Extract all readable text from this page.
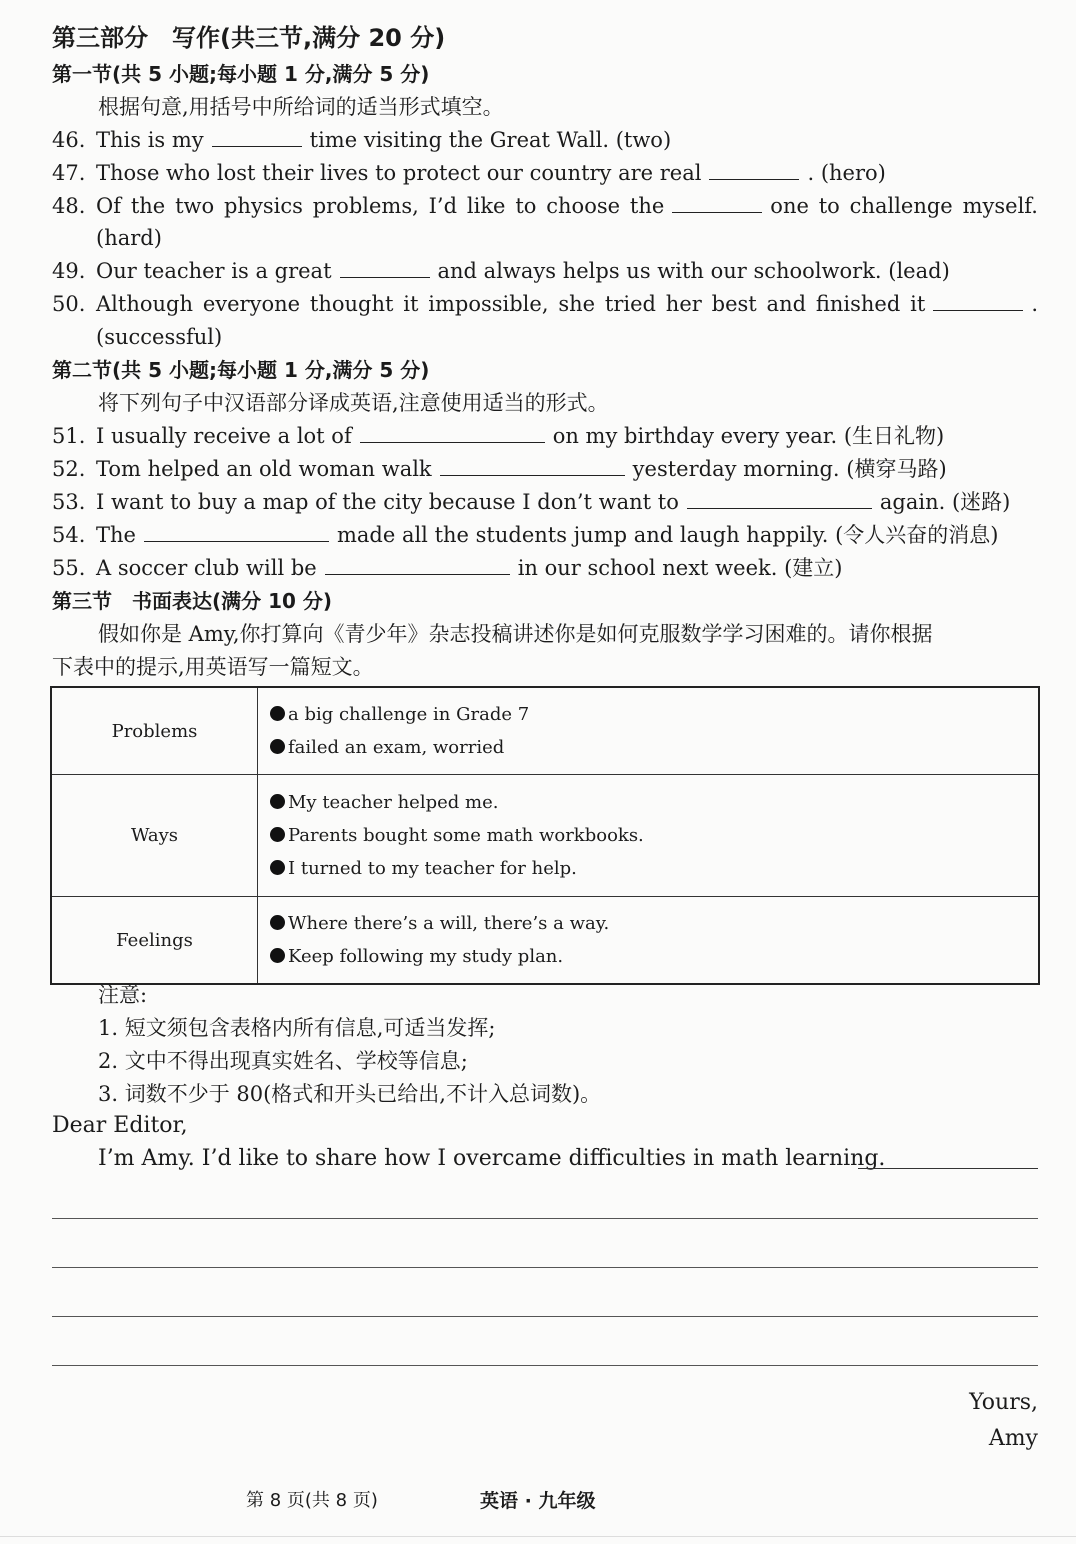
第三部分　写作(共三节,满分 20 分)
第一节(共 5 小题;每小题 1 分,满分 5 分)
根据句意,用括号中所给词的适当形式填空。
46. This is my	time visiting the Great Wall. (two)
47. Those who lost their lives to protect our country are real	. (hero)
48. Of the two physics problems, I’d like to choose the	one to challenge myself.
(hard)
49. Our teacher is a great	and always helps us with our schoolwork. (lead)
50. Although everyone thought it impossible, she tried her best and finished it	.
(successful)
第二节(共 5 小题;每小题 1 分,满分 5 分)
将下列句子中汉语部分译成英语,注意使用适当的形式。
51. I usually receive a lot of	on my birthday every year. (生日礼物)
52. Tom helped an old woman walk	yesterday morning. (横穿马路)
53. I want to buy a map of the city because I don’t want to	again. (迷路)
54. The	made all the students jump and laugh happily. (令人兴奋的消息)
55. A soccer club will be	in our school next week. (建立)
第三节　书面表达(满分 10 分)
假如你是 Amy,你打算向《青少年》杂志投稿讲述你是如何克服数学学习困难的。请你根据
下表中的提示,用英语写一篇短文。
Problems	a big challenge in Grade 7
failed an exam, worried

Ways	My teacher helped me.
Parents bought some math workbooks.
I turned to my teacher for help.

Feelings	Where there’s a will, there’s a way.
Keep following my study plan.
注意:
1. 短文须包含表格内所有信息,可适当发挥;
2. 文中不得出现真实姓名、学校等信息;
3. 词数不少于 80(格式和开头已给出,不计入总词数)。
Dear Editor,
I’m Amy. I’d like to share how I overcame difficulties in math learning.
Yours,
Amy
第 8 页(共 8 页)	英语 · 九年级
